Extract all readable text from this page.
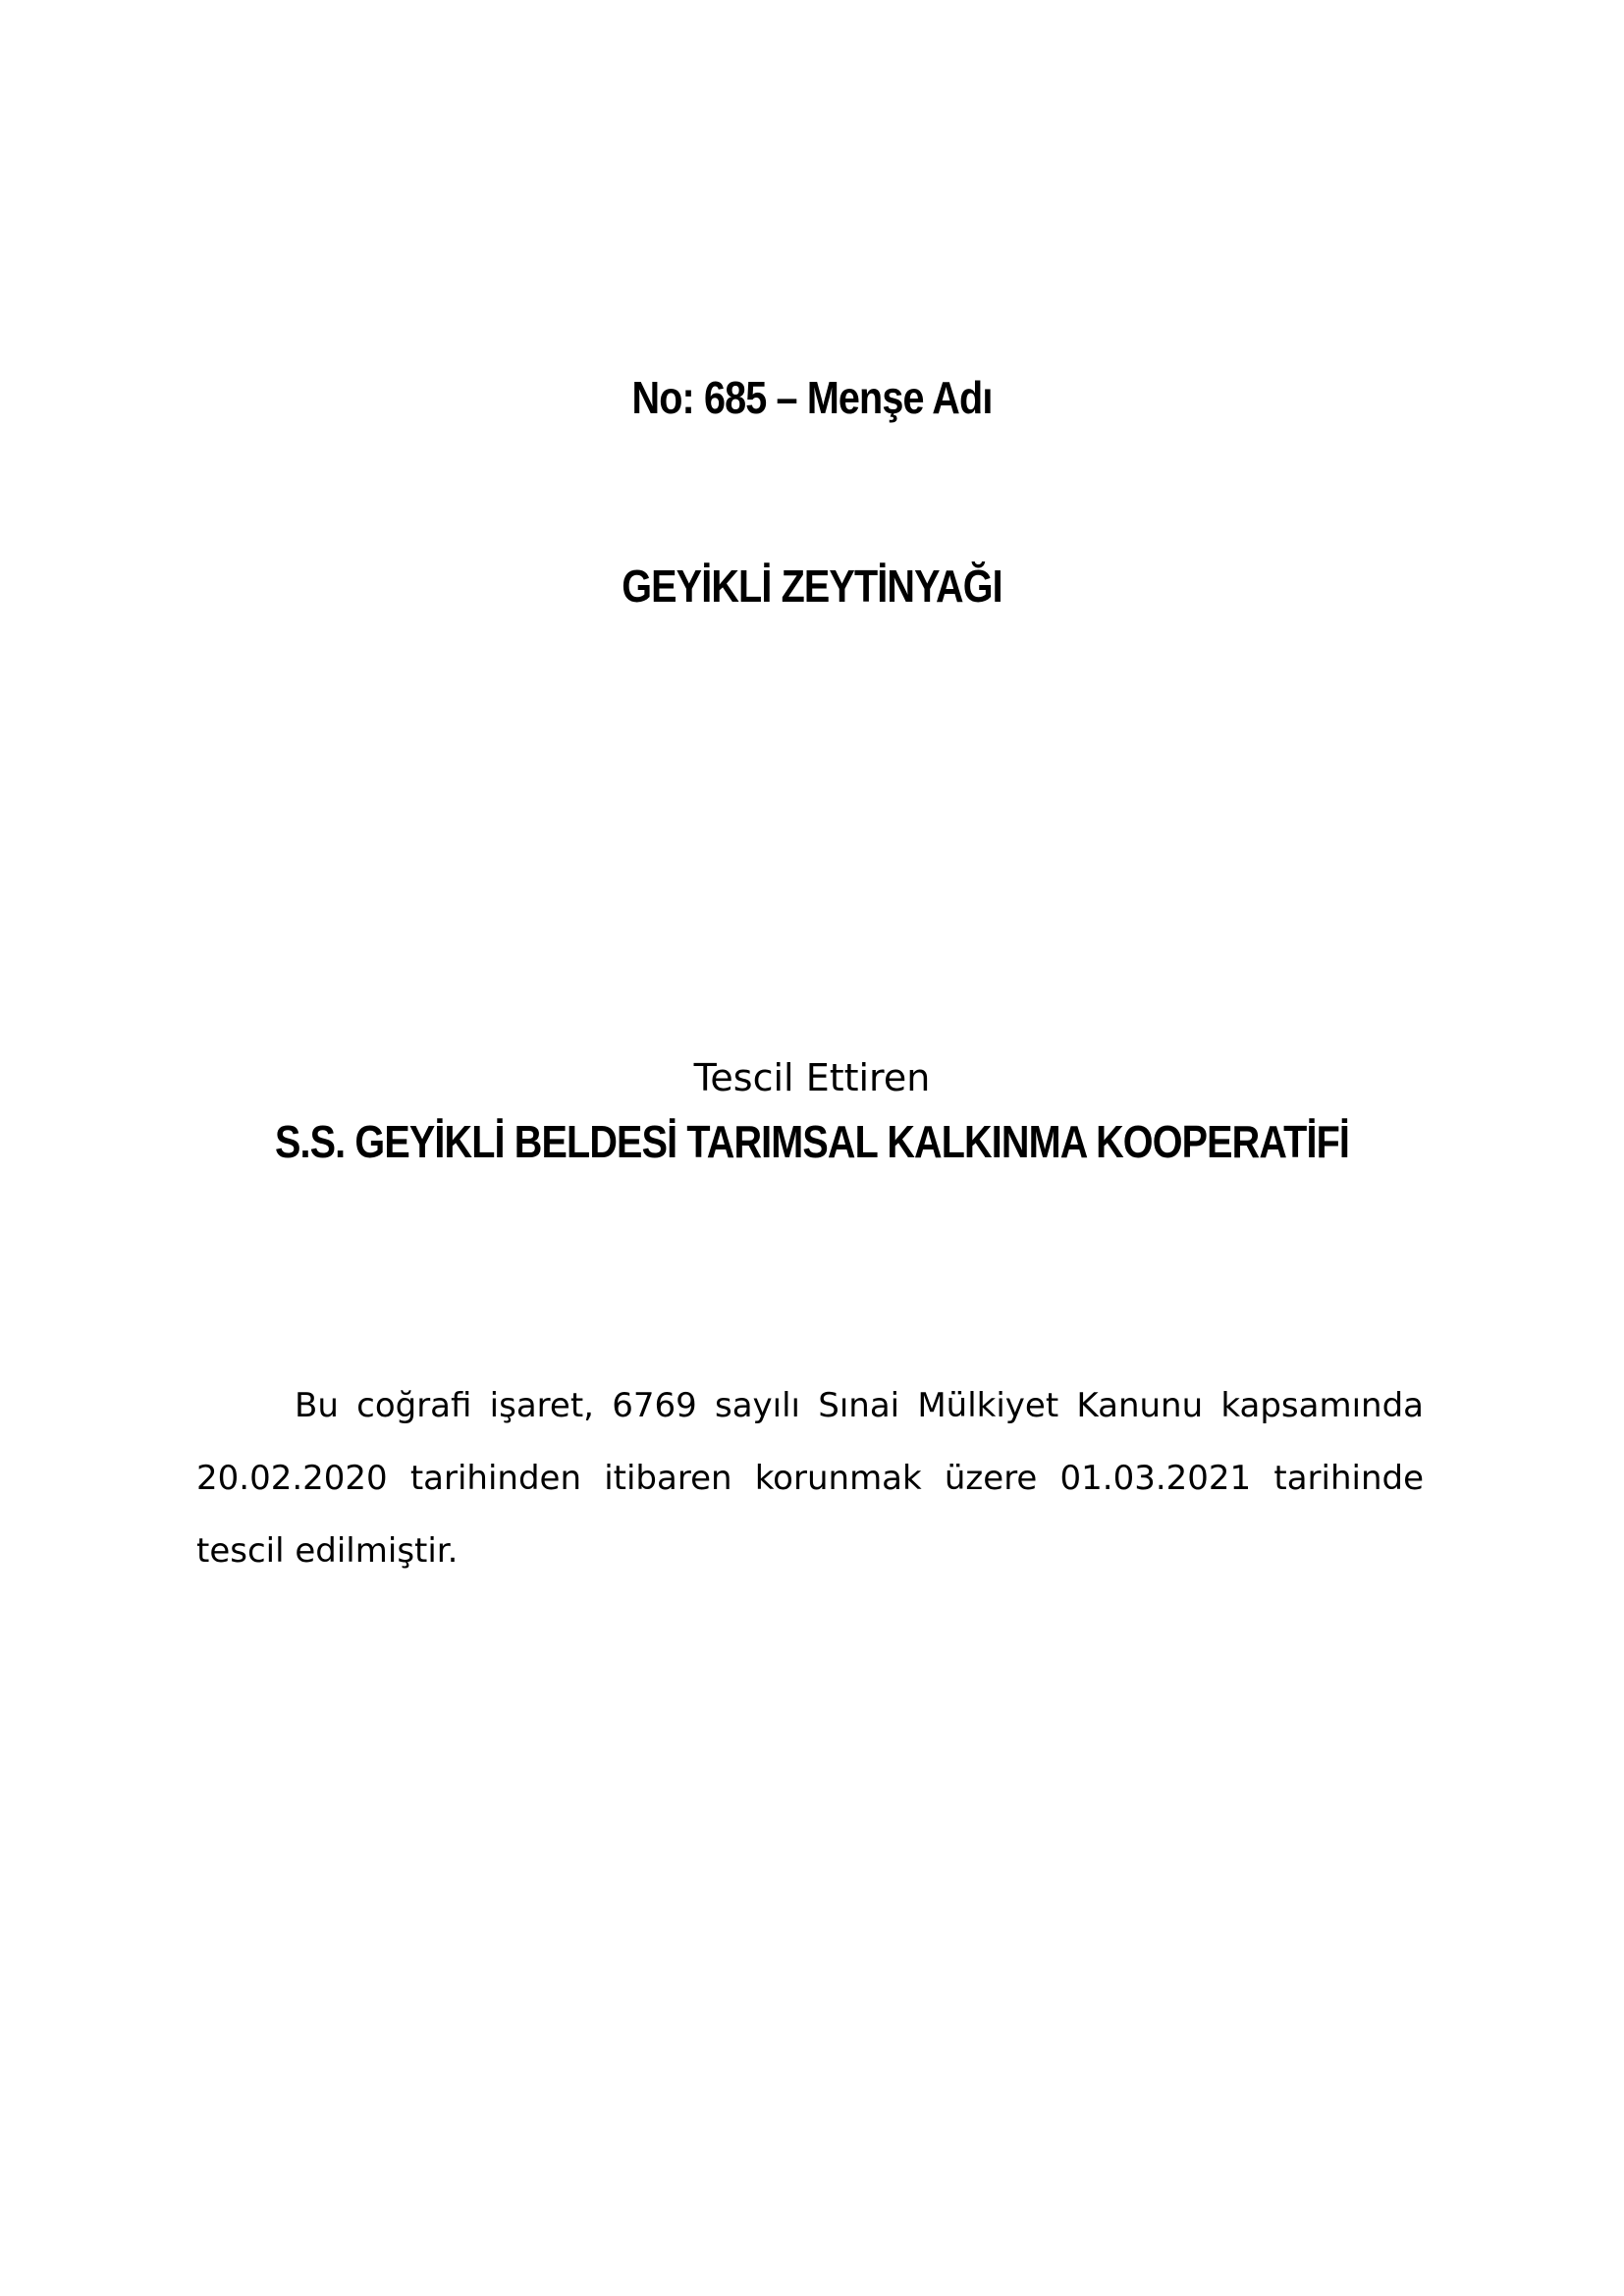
No: 685 – Menşe Adı
GEYİKLİ ZEYTİNYAĞI
Tescil Ettiren
S.S. GEYİKLİ BELDESİ TARIMSAL KALKINMA KOOPERATİFİ

Bu coğrafi işaret, 6769 sayılı Sınai Mülkiyet Kanunu kapsamında 20.02.2020 tarihinden itibaren korunmak üzere 01.03.2021 tarihinde tescil edilmiştir.
